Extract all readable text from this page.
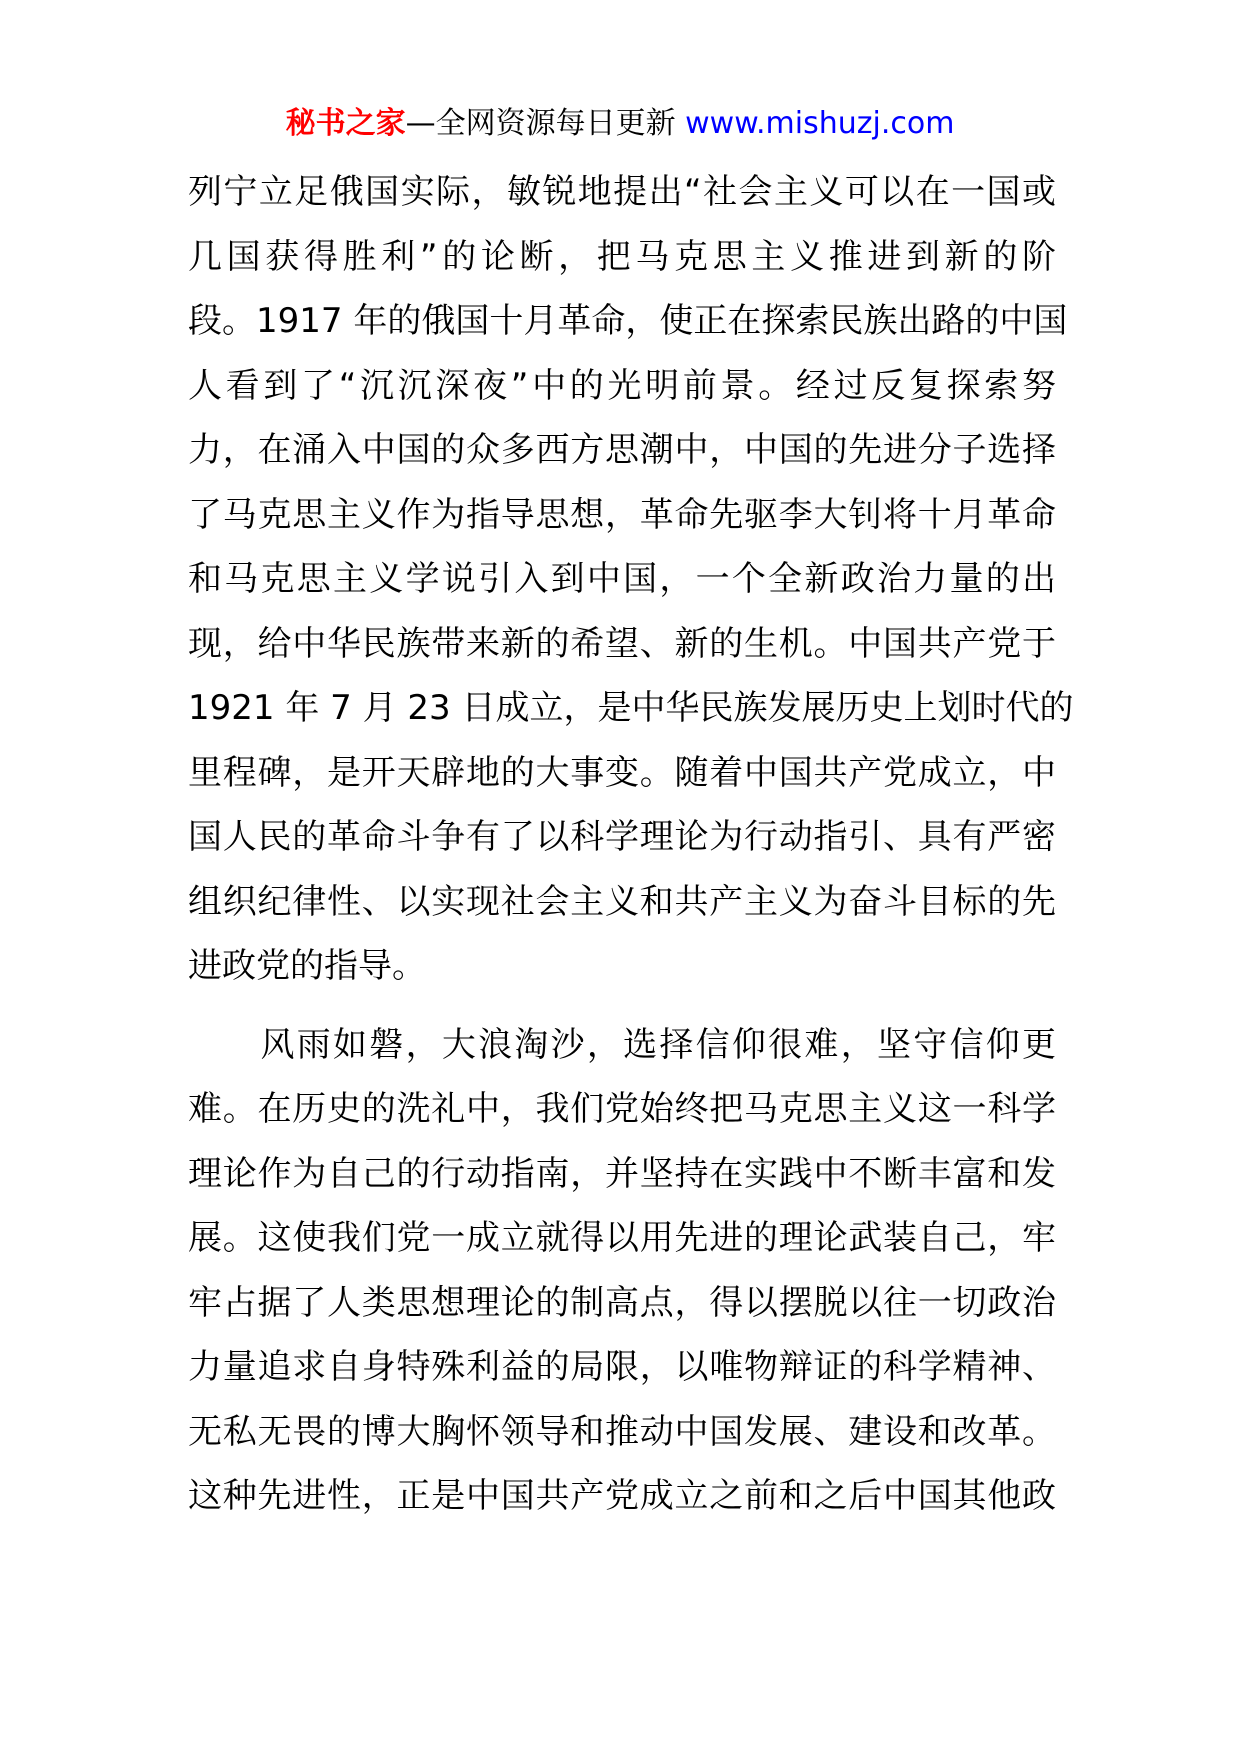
秘书之家—全网资源每日更新 www.mishuzj.com
列宁立足俄国实际，敏锐地提出“社会主义可以在一国或
几国获得胜利”的论断，把马克思主义推进到新的阶
段。1917 年的俄国十月革命，使正在探索民族出路的中国
人看到了“沉沉深夜”中的光明前景。经过反复探索努
力，在涌入中国的众多西方思潮中，中国的先进分子选择
了马克思主义作为指导思想，革命先驱李大钊将十月革命
和马克思主义学说引入到中国，一个全新政治力量的出
现，给中华民族带来新的希望、新的生机。中国共产党于
1921 年 7 月 23 日成立，是中华民族发展历史上划时代的
里程碑，是开天辟地的大事变。随着中国共产党成立，中
国人民的革命斗争有了以科学理论为行动指引、具有严密
组织纪律性、以实现社会主义和共产主义为奋斗目标的先
进政党的指导。
　　风雨如磐，大浪淘沙，选择信仰很难，坚守信仰更
难。在历史的洗礼中，我们党始终把马克思主义这一科学
理论作为自己的行动指南，并坚持在实践中不断丰富和发
展。这使我们党一成立就得以用先进的理论武装自己，牢
牢占据了人类思想理论的制高点，得以摆脱以往一切政治
力量追求自身特殊利益的局限，以唯物辩证的科学精神、
无私无畏的博大胸怀领导和推动中国发展、建设和改革。
这种先进性，正是中国共产党成立之前和之后中国其他政
